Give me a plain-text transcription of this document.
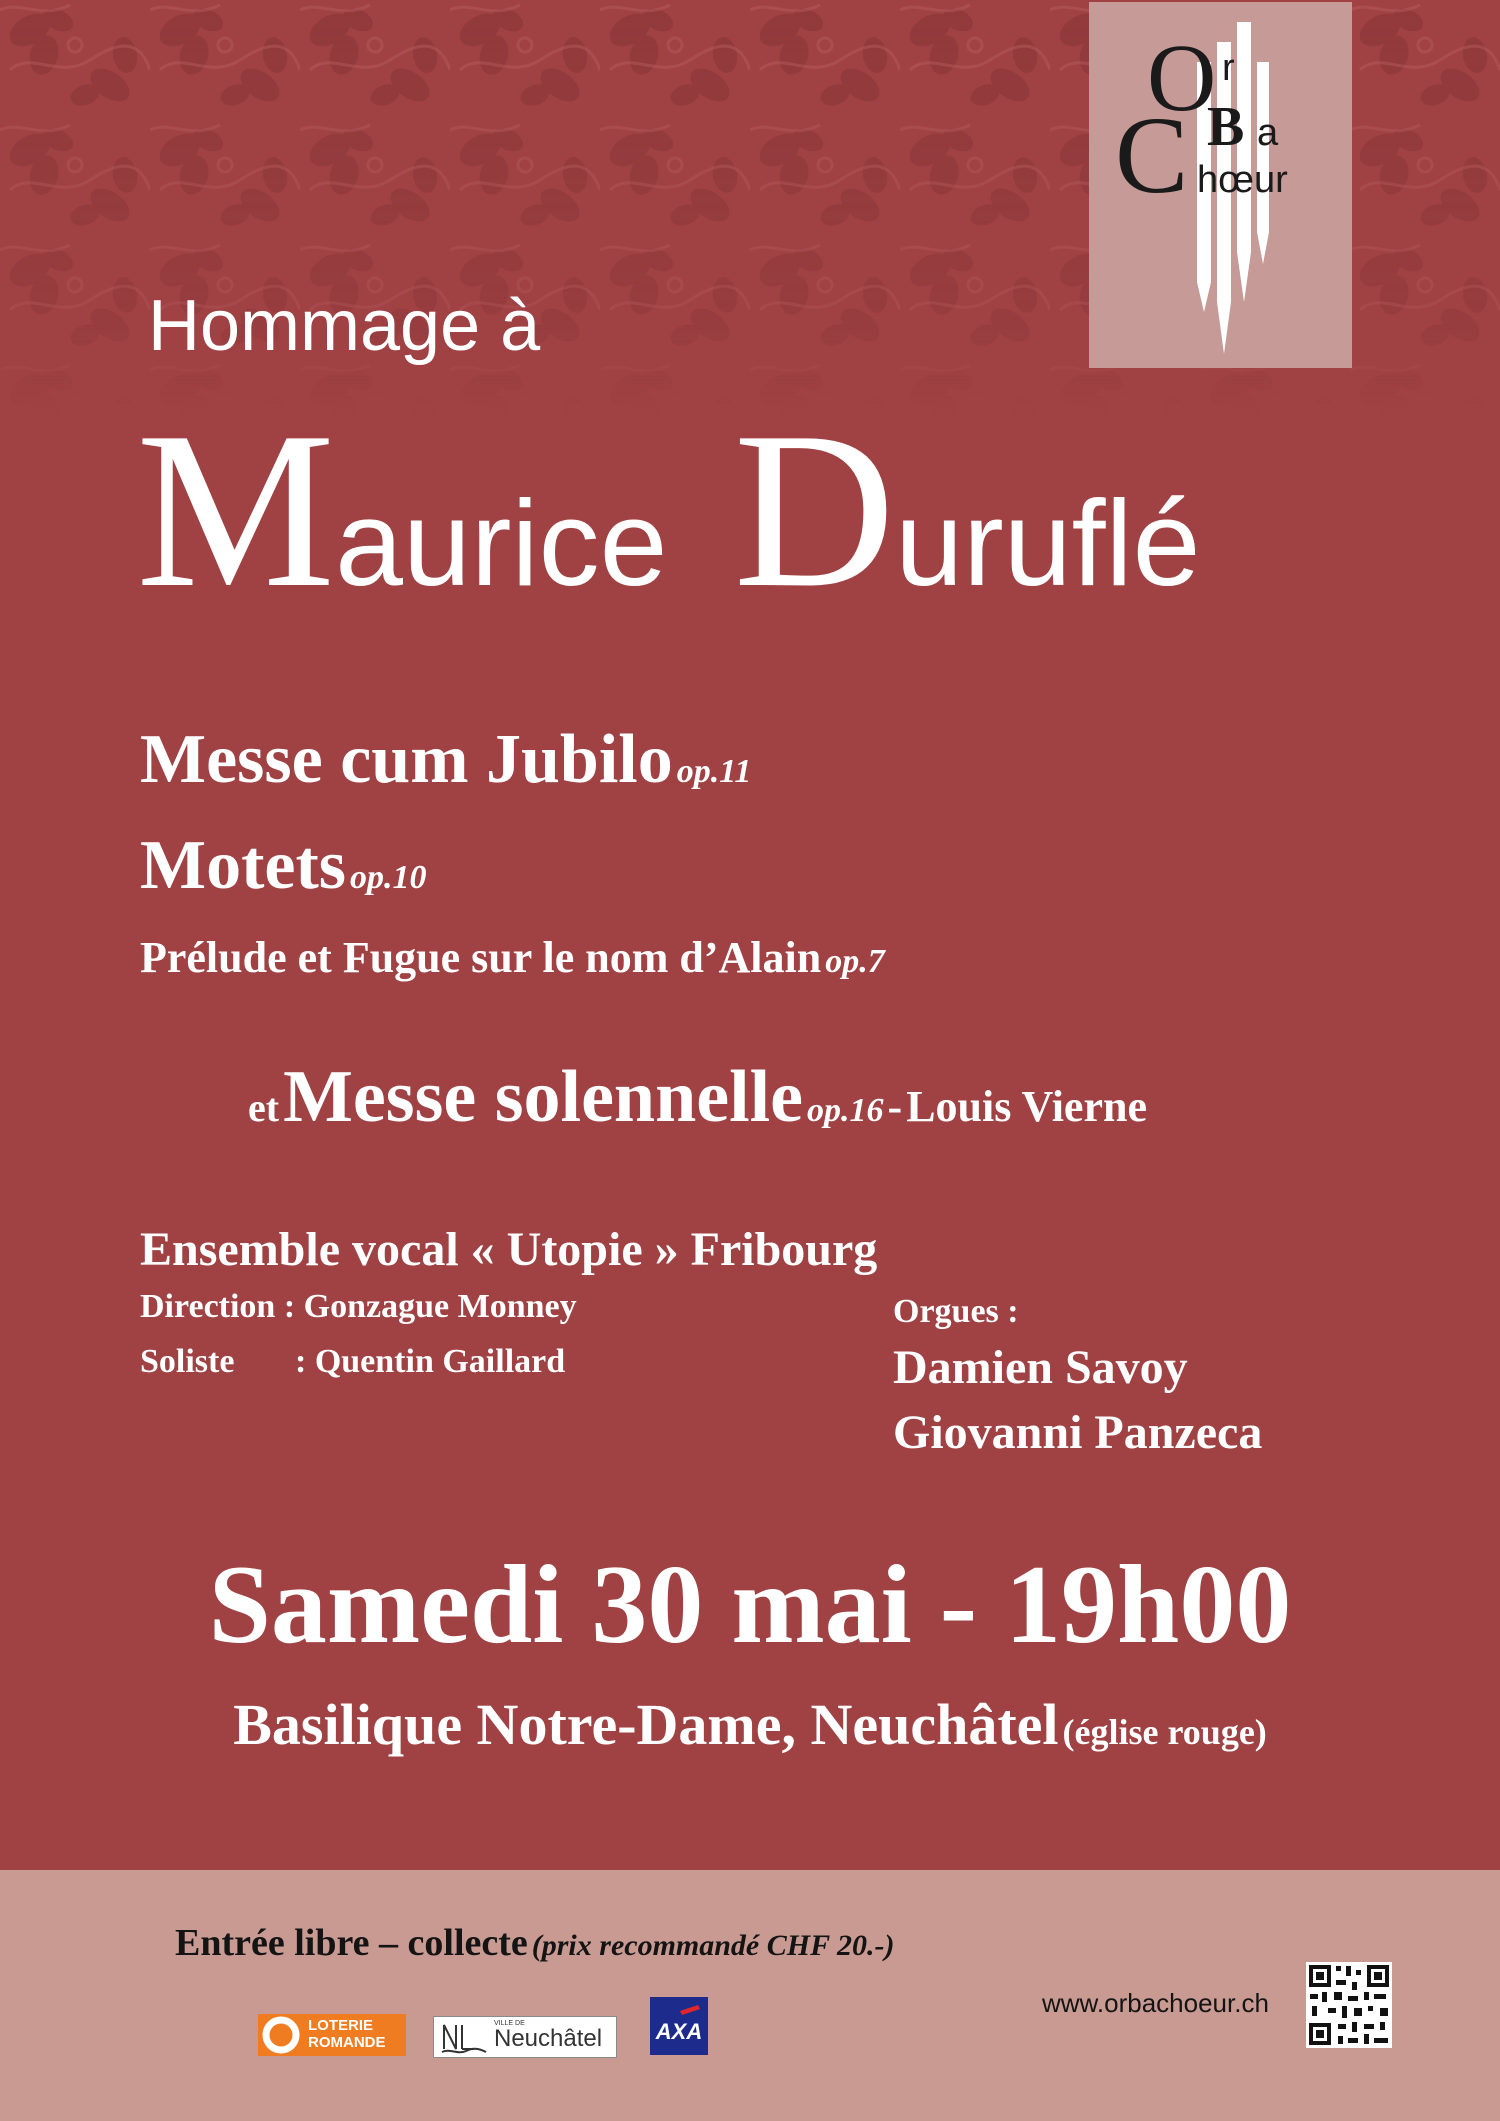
O r
B a
C hœur
Hommage à
Maurice Duruflé
Messe cum Jubilo op.11
Motets op.10
Prélude et Fugue sur le nom d’Alain op.7
et Messe solennelle op.16 - Louis Vierne
Ensemble vocal « Utopie » Fribourg
Direction : Gonzague Monney
Soliste : Quentin Gaillard
Orgues :
Damien Savoy
Giovanni Panzeca
Samedi 30 mai - 19h00
Basilique Notre-Dame, Neuchâtel (église rouge)
Entrée libre – collecte (prix recommandé CHF 20.-)
www.orbachoeur.ch
LOTERIE
ROMANDE
VILLE DE
Neuchâtel AXA
